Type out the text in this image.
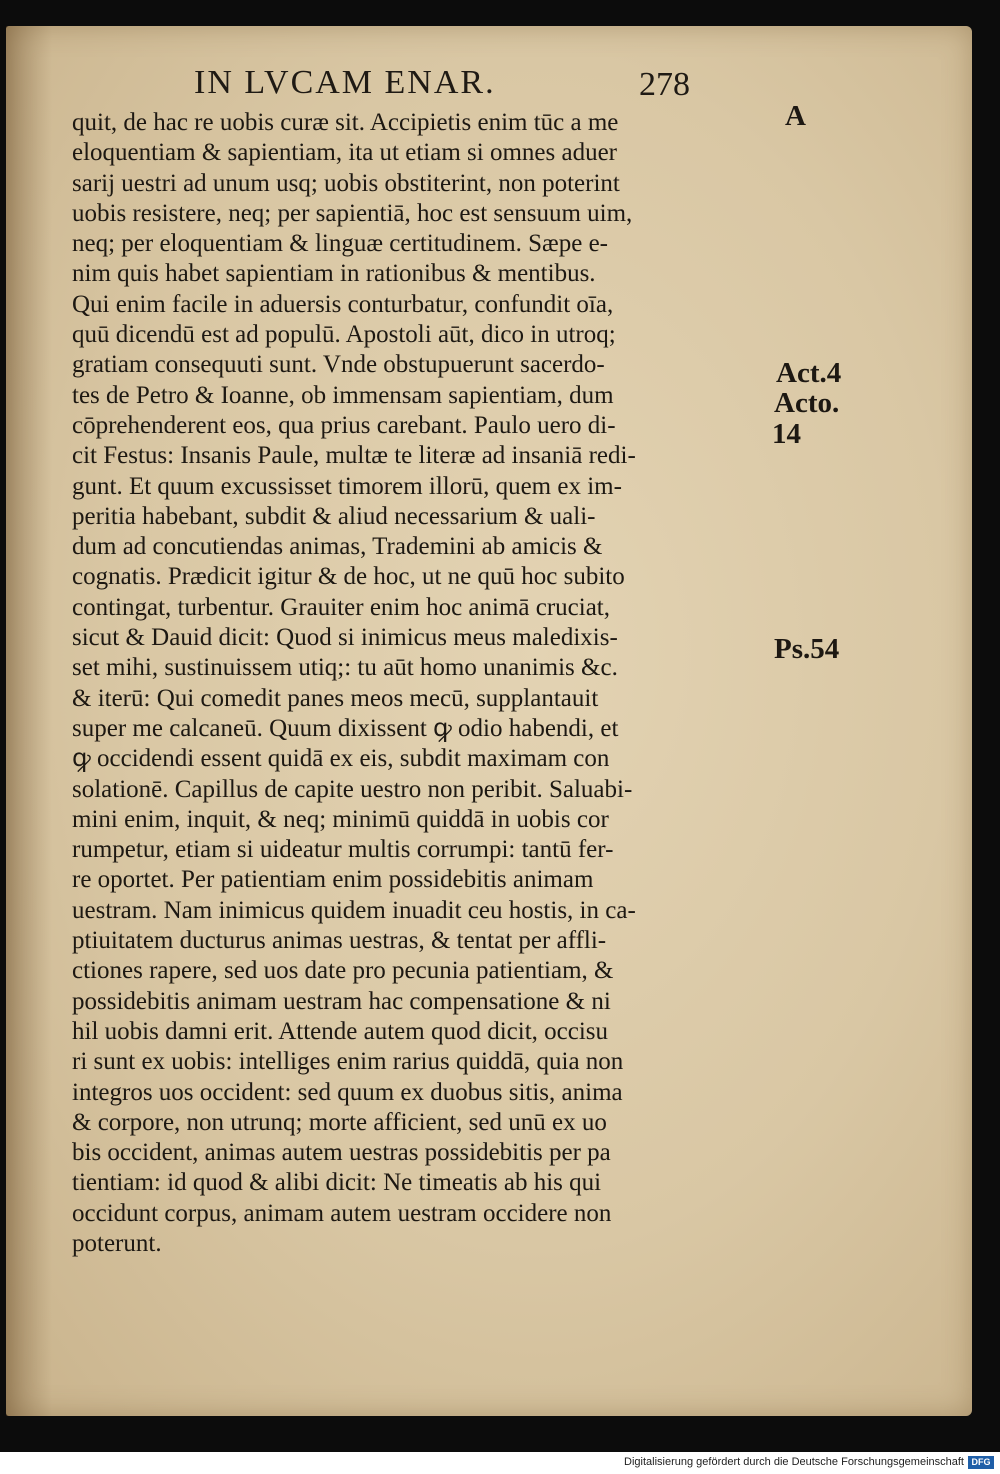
IN LVCAM ENAR.	278
quit, de hac re uobis curæ sit. Accipietis enim tūc a me
eloquentiam & sapientiam, ita ut etiam si omnes aduer
sarij uestri ad unum usq; uobis obstiterint, non poterint
uobis resistere, neq; per sapientiā, hoc est sensuum uim,
neq; per eloquentiam & linguæ certitudinem. Sæpe e-
nim quis habet sapientiam in rationibus & mentibus.
Qui enim facile in aduersis conturbatur, confundit oīa,
quū dicendū est ad populū. Apostoli aūt, dico in utroq;
gratiam consequuti sunt. Vnde obstupuerunt sacerdo-
tes de Petro & Ioanne, ob immensam sapientiam, dum
cōprehenderent eos, qua prius carebant. Paulo uero di-
cit Festus: Insanis Paule, multæ te literæ ad insaniā redi-
gunt. Et quum excussisset timorem illorū, quem ex im-
peritia habebant, subdit & aliud necessarium & uali-
dum ad concutiendas animas, Trademini ab amicis &
cognatis. Prædicit igitur & de hoc, ut ne quū hoc subito
contingat, turbentur. Grauiter enim hoc animā cruciat,
sicut & Dauid dicit: Quod si inimicus meus maledixis-
set mihi, sustinuissem utiq;: tu aūt homo unanimis &c.
& iterū: Qui comedit panes meos mecū, supplantauit
super me calcaneū. Quum dixissent ꝙ odio habendi, et
ꝙ occidendi essent quidā ex eis, subdit maximam con
solationē. Capillus de capite uestro non peribit. Saluabi-
mini enim, inquit, & neq; minimū quiddā in uobis cor
rumpetur, etiam si uideatur multis corrumpi: tantū fer-
re oportet. Per patientiam enim possidebitis animam
uestram. Nam inimicus quidem inuadit ceu hostis, in ca-
ptiuitatem ducturus animas uestras, & tentat per affli-
ctiones rapere, sed uos date pro pecunia patientiam, &
possidebitis animam uestram hac compensatione & ni
hil uobis damni erit. Attende autem quod dicit, occisu
ri sunt ex uobis: intelliges enim rarius quiddā, quia non
integros uos occident: sed quum ex duobus sitis, anima
& corpore, non utrunq; morte afficient, sed unū ex uo
bis occident, animas autem uestras possidebitis per pa
tientiam: id quod & alibi dicit: Ne timeatis ab his qui
occidunt corpus, animam autem uestram occidere non
poterunt.
A
Act.4
Acto.
14
Ps.54
Digitalisierung gefördert durch die Deutsche Forschungsgemeinschaft DFG
